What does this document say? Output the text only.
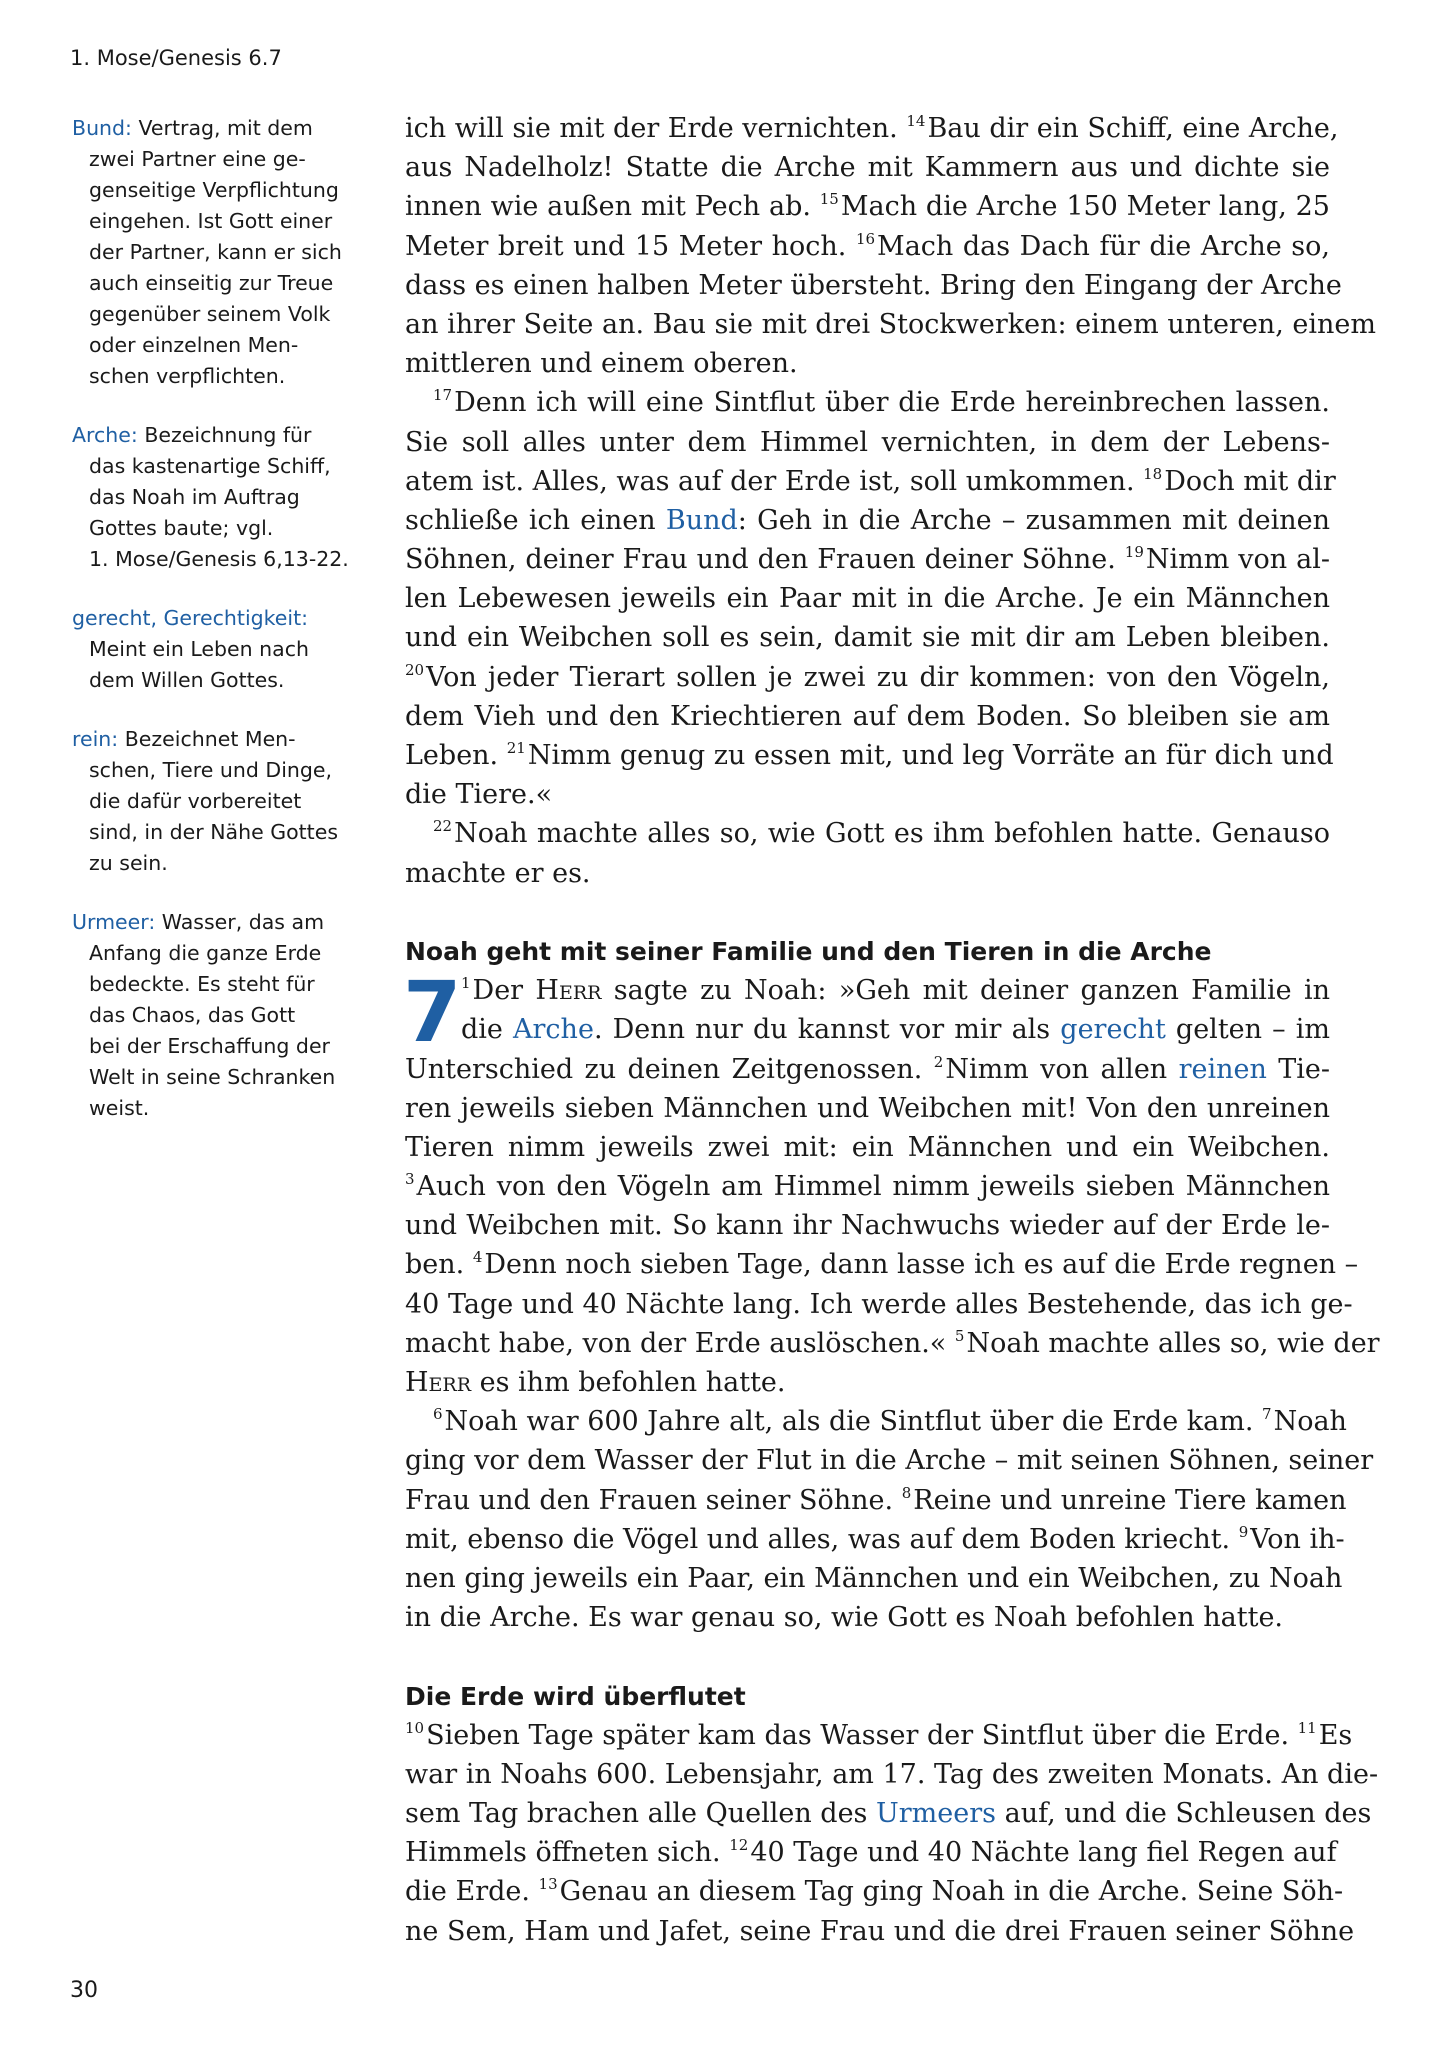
1. Mose/Genesis 6.7
Bund: Vertrag, mit dem
zwei Partner eine ge-
genseitige Verpflichtung
eingehen. Ist Gott einer
der Partner, kann er sich
auch einseitig zur Treue
gegenüber seinem Volk
oder einzelnen Men-
schen verpflichten.
Arche: Bezeichnung für
das kastenartige Schiff,
das Noah im Auftrag
Gottes baute; vgl.
1. Mose/Genesis 6,13-22.
gerecht, Gerechtigkeit:
Meint ein Leben nach
dem Willen Gottes.
rein: Bezeichnet Men-
schen, Tiere und Dinge,
die dafür vorbereitet
sind, in der Nähe Gottes
zu sein.
Urmeer: Wasser, das am
Anfang die ganze Erde
bedeckte. Es steht für
das Chaos, das Gott
bei der Erschaffung der
Welt in seine Schranken
weist.
ich will sie mit der Erde vernichten. $^{14}$Bau dir ein Schiff, eine Arche,
aus Nadelholz! Statte die Arche mit Kammern aus und dichte sie
innen wie außen mit Pech ab. $^{15}$Mach die Arche 150 Meter lang, 25
Meter breit und 15 Meter hoch. $^{16}$Mach das Dach für die Arche so,
dass es einen halben Meter übersteht. Bring den Eingang der Arche
an ihrer Seite an. Bau sie mit drei Stockwerken: einem unteren, einem
mittleren und einem oberen.
$^{17}$Denn ich will eine Sintflut über die Erde hereinbrechen lassen.
Sie soll alles unter dem Himmel vernichten, in dem der Lebens-
atem ist. Alles, was auf der Erde ist, soll umkommen. $^{18}$Doch mit dir
schließe ich einen Bund: Geh in die Arche – zusammen mit deinen
Söhnen, deiner Frau und den Frauen deiner Söhne. $^{19}$Nimm von al-
len Lebewesen jeweils ein Paar mit in die Arche. Je ein Männchen
und ein Weibchen soll es sein, damit sie mit dir am Leben bleiben.
$^{20}$Von jeder Tierart sollen je zwei zu dir kommen: von den Vögeln,
dem Vieh und den Kriechtieren auf dem Boden. So bleiben sie am
Leben. $^{21}$Nimm genug zu essen mit, und leg Vorräte an für dich und
die Tiere.«
$^{22}$Noah machte alles so, wie Gott es ihm befohlen hatte. Genauso
machte er es.
Noah geht mit seiner Familie und den Tieren in die Arche
7 $^1$Der Herr sagte zu Noah: »Geh mit deiner ganzen Familie in
die Arche. Denn nur du kannst vor mir als gerecht gelten – im
Unterschied zu deinen Zeitgenossen. $^2$Nimm von allen reinen Tie-
ren jeweils sieben Männchen und Weibchen mit! Von den unreinen
Tieren nimm jeweils zwei mit: ein Männchen und ein Weibchen.
$^3$Auch von den Vögeln am Himmel nimm jeweils sieben Männchen
und Weibchen mit. So kann ihr Nachwuchs wieder auf der Erde le-
ben. $^4$Denn noch sieben Tage, dann lasse ich es auf die Erde regnen –
40 Tage und 40 Nächte lang. Ich werde alles Bestehende, das ich ge-
macht habe, von der Erde auslöschen.« $^5$Noah machte alles so, wie der
Herr es ihm befohlen hatte.
$^6$Noah war 600 Jahre alt, als die Sintflut über die Erde kam. $^7$Noah
ging vor dem Wasser der Flut in die Arche – mit seinen Söhnen, seiner
Frau und den Frauen seiner Söhne. $^8$Reine und unreine Tiere kamen
mit, ebenso die Vögel und alles, was auf dem Boden kriecht. $^9$Von ih-
nen ging jeweils ein Paar, ein Männchen und ein Weibchen, zu Noah
in die Arche. Es war genau so, wie Gott es Noah befohlen hatte.
Die Erde wird überflutet
$^{10}$Sieben Tage später kam das Wasser der Sintflut über die Erde. $^{11}$Es
war in Noahs 600. Lebensjahr, am 17. Tag des zweiten Monats. An die-
sem Tag brachen alle Quellen des Urmeers auf, und die Schleusen des
Himmels öffneten sich. $^{12}$40 Tage und 40 Nächte lang fiel Regen auf
die Erde. $^{13}$Genau an diesem Tag ging Noah in die Arche. Seine Söh-
ne Sem, Ham und Jafet, seine Frau und die drei Frauen seiner Söhne
30
